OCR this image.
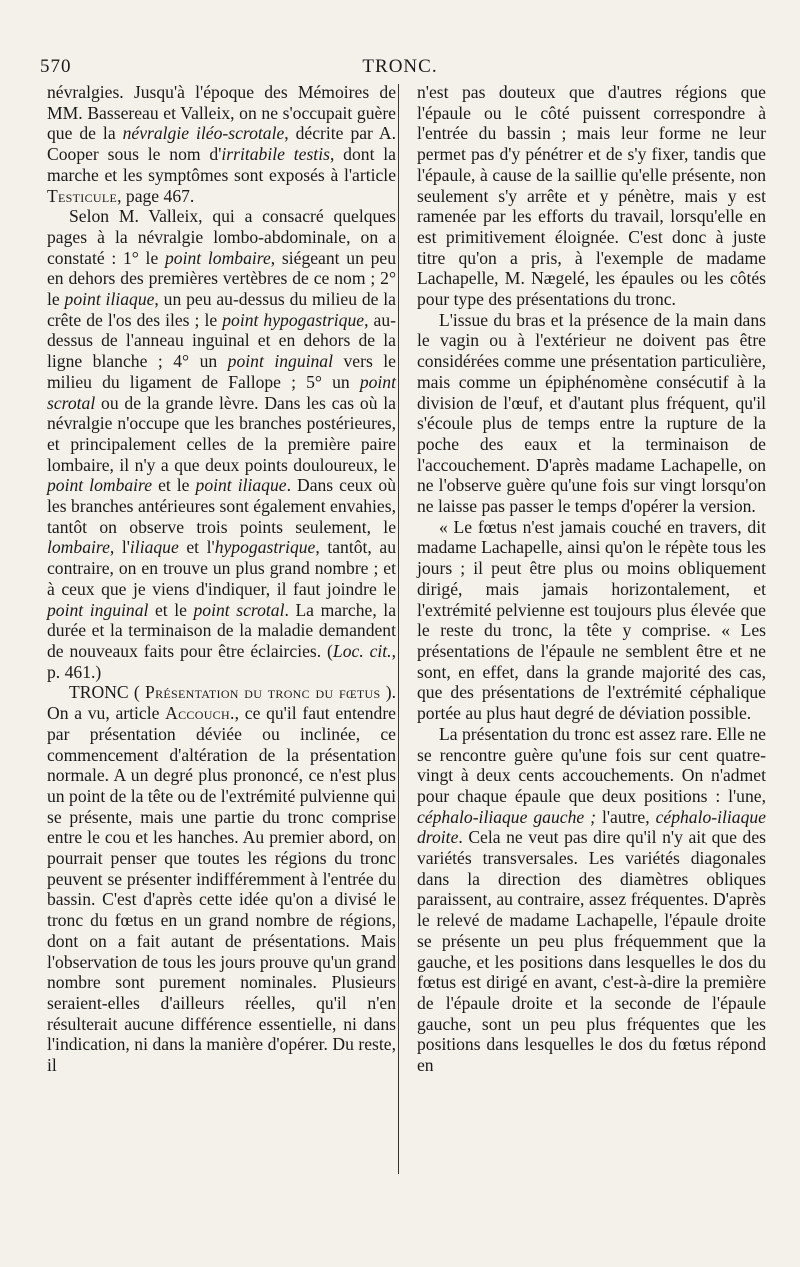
570	TRONC.

névralgies. Jusqu'à l'époque des Mémoires de MM. Bassereau et Valleix, on ne s'occupait guère que de la névralgie iléo-scrotale, décrite par A. Cooper sous le nom d'irritabile testis, dont la marche et les symptômes sont exposés à l'article Testicule, page 467.

Selon M. Valleix, qui a consacré quelques pages à la névralgie lombo-abdominale, on a constaté : 1° le point lombaire, siégeant un peu en dehors des premières vertèbres de ce nom ; 2° le point iliaque, un peu au-dessus du milieu de la crête de l'os des iles ; le point hypogastrique, au-dessus de l'anneau inguinal et en dehors de la ligne blanche ; 4° un point inguinal vers le milieu du ligament de Fallope ; 5° un point scrotal ou de la grande lèvre. Dans les cas où la névralgie n'occupe que les branches postérieures, et principalement celles de la première paire lombaire, il n'y a que deux points douloureux, le point lombaire et le point iliaque. Dans ceux où les branches antérieures sont également envahies, tantôt on observe trois points seulement, le lombaire, l'iliaque et l'hypogastrique, tantôt, au contraire, on en trouve un plus grand nombre ; et à ceux que je viens d'indiquer, il faut joindre le point inguinal et le point scrotal. La marche, la durée et la terminaison de la maladie demandent de nouveaux faits pour être éclaircies. (Loc. cit., p. 461.)

TRONC ( Présentation du tronc du fœtus ). On a vu, article Accouch., ce qu'il faut entendre par présentation déviée ou inclinée, ce commencement d'altération de la présentation normale. A un degré plus prononcé, ce n'est plus un point de la tête ou de l'extrémité pulvienne qui se présente, mais une partie du tronc comprise entre le cou et les hanches. Au premier abord, on pourrait penser que toutes les régions du tronc peuvent se présenter indifféremment à l'entrée du bassin. C'est d'après cette idée qu'on a divisé le tronc du fœtus en un grand nombre de régions, dont on a fait autant de présentations. Mais l'observation de tous les jours prouve qu'un grand nombre sont purement nominales. Plusieurs seraient-elles d'ailleurs réelles, qu'il n'en résulterait aucune différence essentielle, ni dans l'indication, ni dans la manière d'opérer. Du reste, il

n'est pas douteux que d'autres régions que l'épaule ou le côté puissent correspondre à l'entrée du bassin ; mais leur forme ne leur permet pas d'y pénétrer et de s'y fixer, tandis que l'épaule, à cause de la saillie qu'elle présente, non seulement s'y arrête et y pénètre, mais y est ramenée par les efforts du travail, lorsqu'elle en est primitivement éloignée. C'est donc à juste titre qu'on a pris, à l'exemple de madame Lachapelle, M. Nægelé, les épaules ou les côtés pour type des présentations du tronc.

L'issue du bras et la présence de la main dans le vagin ou à l'extérieur ne doivent pas être considérées comme une présentation particulière, mais comme un épiphénomène consécutif à la division de l'œuf, et d'autant plus fréquent, qu'il s'écoule plus de temps entre la rupture de la poche des eaux et la terminaison de l'accouchement. D'après madame Lachapelle, on ne l'observe guère qu'une fois sur vingt lorsqu'on ne laisse pas passer le temps d'opérer la version.

« Le fœtus n'est jamais couché en travers, dit madame Lachapelle, ainsi qu'on le répète tous les jours ; il peut être plus ou moins obliquement dirigé, mais jamais horizontalement, et l'extrémité pelvienne est toujours plus élevée que le reste du tronc, la tête y comprise. « Les présentations de l'épaule ne semblent être et ne sont, en effet, dans la grande majorité des cas, que des présentations de l'extrémité céphalique portée au plus haut degré de déviation possible.

La présentation du tronc est assez rare. Elle ne se rencontre guère qu'une fois sur cent quatre-vingt à deux cents accouchements. On n'admet pour chaque épaule que deux positions : l'une, céphalo-iliaque gauche ; l'autre, céphalo-iliaque droite. Cela ne veut pas dire qu'il n'y ait que des variétés transversales. Les variétés diagonales dans la direction des diamètres obliques paraissent, au contraire, assez fréquentes. D'après le relevé de madame Lachapelle, l'épaule droite se présente un peu plus fréquemment que la gauche, et les positions dans lesquelles le dos du fœtus est dirigé en avant, c'est-à-dire la première de l'épaule droite et la seconde de l'épaule gauche, sont un peu plus fréquentes que les positions dans lesquelles le dos du fœtus répond en
